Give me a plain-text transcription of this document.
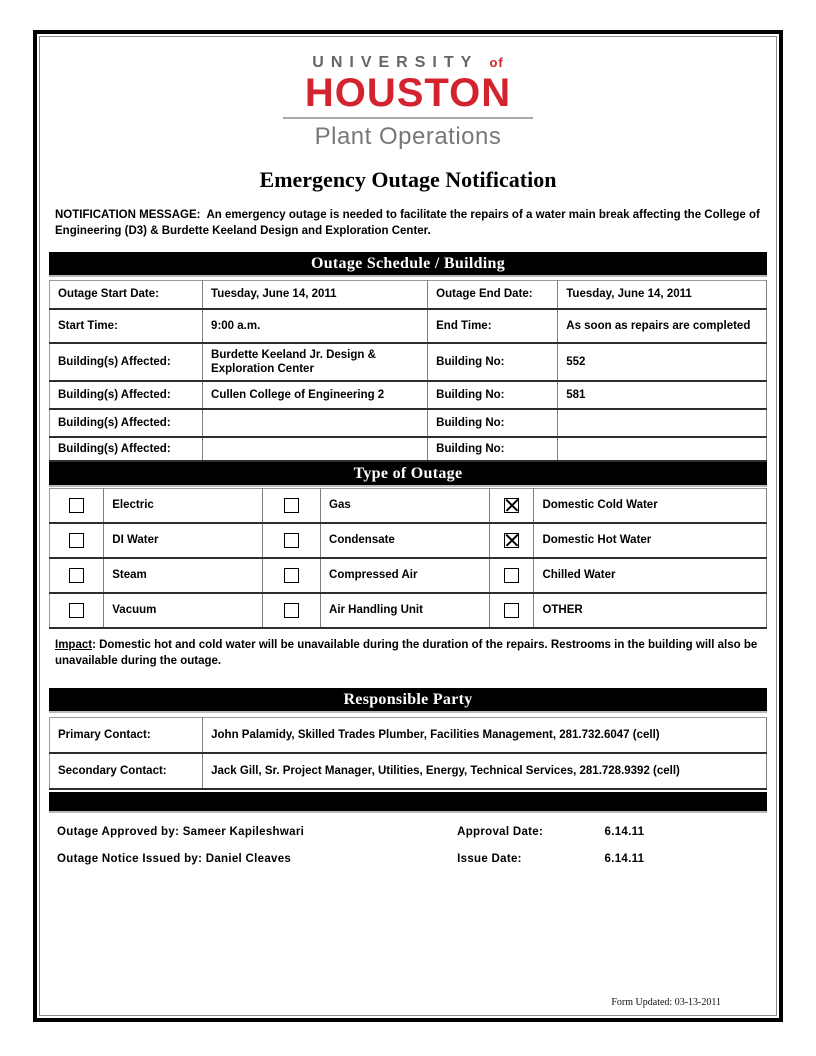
UNIVERSITY of
HOUSTON
Plant Operations
Emergency Outage Notification
NOTIFICATION MESSAGE: An emergency outage is needed to facilitate the repairs of a water main break affecting the College of Engineering (D3) & Burdette Keeland Design and Exploration Center.
Outage Schedule / Building
Outage Start Date:	Tuesday, June 14, 2011	Outage End Date:	Tuesday, June 14, 2011
Start Time:	9:00 a.m.	End Time:	As soon as repairs are completed
Building(s) Affected:	Burdette Keeland Jr. Design & Exploration Center	Building No:	552
Building(s) Affected:	Cullen College of Engineering 2	Building No:	581
Building(s) Affected:		Building No:	
Building(s) Affected:		Building No:	
Type of Outage
	Electric		Gas		Domestic Cold Water
	DI Water		Condensate		Domestic Hot Water
	Steam		Compressed Air		Chilled Water
	Vacuum		Air Handling Unit		OTHER
Impact: Domestic hot and cold water will be unavailable during the duration of the repairs. Restrooms in the building will also be unavailable during the outage.
Responsible Party
Primary Contact:	John Palamidy, Skilled Trades Plumber, Facilities Management, 281.732.6047 (cell)
Secondary Contact:	Jack Gill, Sr. Project Manager, Utilities, Energy, Technical Services, 281.728.9392 (cell)
Outage Approved by: Sameer Kapileshwari	Approval Date:	6.14.11
Outage Notice Issued by: Daniel Cleaves	Issue Date:	6.14.11
Form Updated: 03-13-2011
